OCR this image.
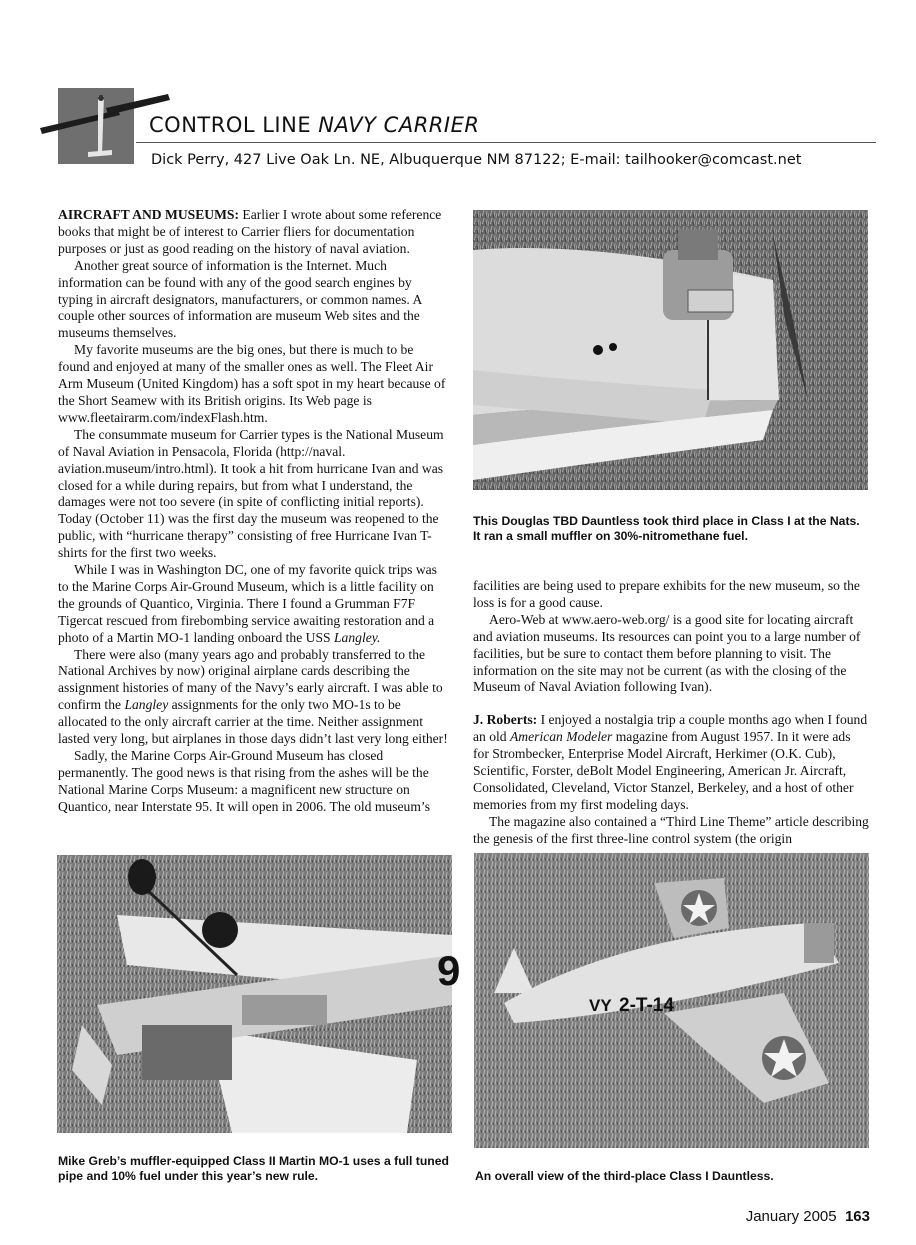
CONTROL LINE NAVY CARRIER
Dick Perry, 427 Live Oak Ln. NE, Albuquerque NM 87122; E-mail: tailhooker@comcast.net

AIRCRAFT AND MUSEUMS: Earlier I wrote about some reference books that might be of interest to Carrier fliers for documentation purposes or just as good reading on the history of naval aviation.

Another great source of information is the Internet. Much information can be found with any of the good search engines by typing in aircraft designators, manufacturers, or common names. A couple other sources of information are museum Web sites and the museums themselves.

My favorite museums are the big ones, but there is much to be found and enjoyed at many of the smaller ones as well. The Fleet Air Arm Museum (United Kingdom) has a soft spot in my heart because of the Short Seamew with its British origins. Its Web page is www.fleetairarm.com/indexFlash.htm.

The consummate museum for Carrier types is the National Museum of Naval Aviation in Pensacola, Florida (http://naval. aviation.museum/intro.html). It took a hit from hurricane Ivan and was closed for a while during repairs, but from what I understand, the damages were not too severe (in spite of conflicting initial reports). Today (October 11) was the first day the museum was reopened to the public, with “hurricane therapy” consisting of free Hurricane Ivan T-shirts for the first two weeks.

While I was in Washington DC, one of my favorite quick trips was to the Marine Corps Air-Ground Museum, which is a little facility on the grounds of Quantico, Virginia. There I found a Grumman F7F Tigercat rescued from firebombing service awaiting restoration and a photo of a Martin MO-1 landing onboard the USS Langley.

There were also (many years ago and probably transferred to the National Archives by now) original airplane cards describing the assignment histories of many of the Navy’s early aircraft. I was able to confirm the Langley assignments for the only two MO-1s to be allocated to the only aircraft carrier at the time. Neither assignment lasted very long, but airplanes in those days didn’t last very long either!

Sadly, the Marine Corps Air-Ground Museum has closed permanently. The good news is that rising from the ashes will be the National Marine Corps Museum: a magnificent new structure on Quantico, near Interstate 95. It will open in 2006. The old museum’s

This Douglas TBD Dauntless took third place in Class I at the Nats. It ran a small muffler on 30%-nitromethane fuel.

facilities are being used to prepare exhibits for the new museum, so the loss is for a good cause.

Aero-Web at www.aero-web.org/ is a good site for locating aircraft and aviation museums. Its resources can point you to a large number of facilities, but be sure to contact them before planning to visit. The information on the site may not be current (as with the closing of the Museum of Naval Aviation following Ivan).

J. Roberts: I enjoyed a nostalgia trip a couple months ago when I found an old American Modeler magazine from August 1957. In it were ads for Strombecker, Enterprise Model Aircraft, Herkimer (O.K. Cub), Scientific, Forster, deBolt Model Engineering, American Jr. Aircraft, Consolidated, Cleveland, Victor Stanzel, Berkeley, and a host of other memories from my first modeling days.

The magazine also contained a “Third Line Theme” article describing the genesis of the first three-line control system (the origin

9
Mike Greb’s muffler-equipped Class II Martin MO-1 uses a full tuned pipe and 10% fuel under this year’s new rule.
VY 2-T-14
An overall view of the third-place Class I Dauntless.
January 2005 163
